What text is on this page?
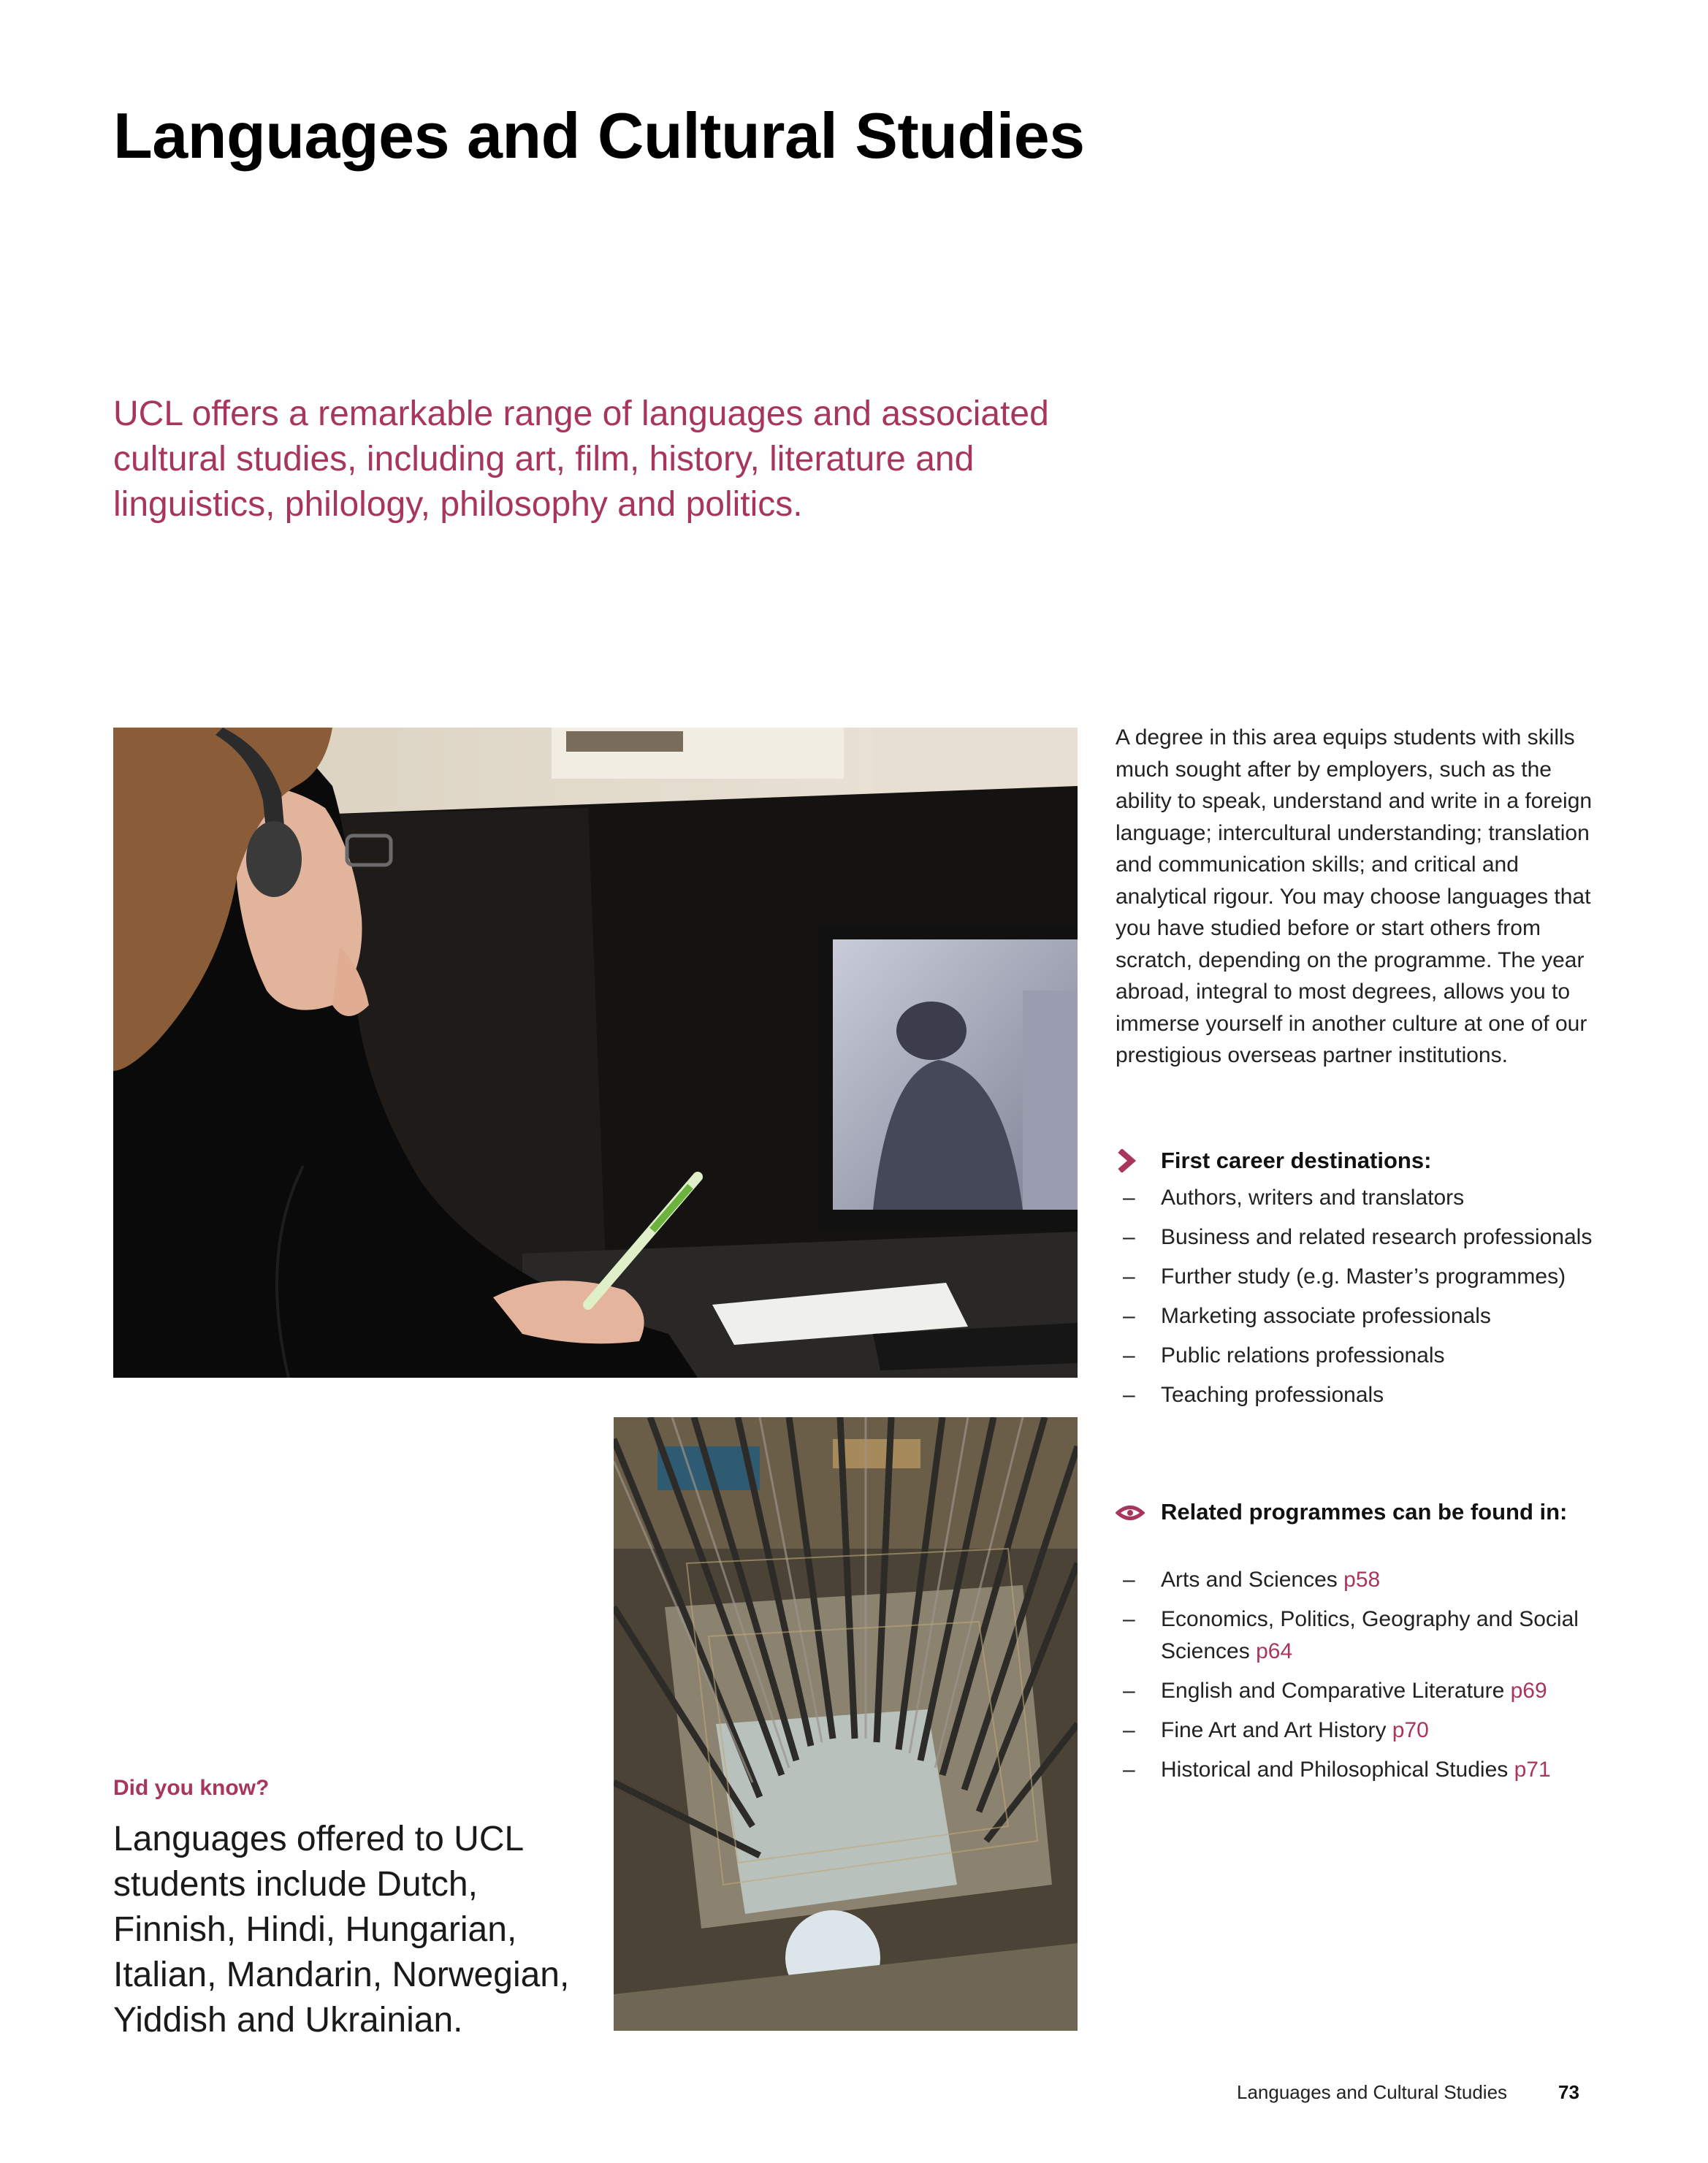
Languages and Cultural Studies

UCL offers a remarkable range of languages and associated cultural studies, including art, film, history, literature and linguistics, philology, philosophy and politics.

A degree in this area equips students with skills much sought after by employers, such as the ability to speak, understand and write in a foreign language; intercultural understanding; translation and communication skills; and critical and analytical rigour. You may choose languages that you have studied before or start others from scratch, depending on the programme. The year abroad, integral to most degrees, allows you to immerse yourself in another culture at one of our prestigious overseas partner institutions.

First career destinations:
– Authors, writers and translators
– Business and related research professionals
– Further study (e.g. Master’s programmes)
– Marketing associate professionals
– Public relations professionals
– Teaching professionals
Related programmes can be found in:
– Arts and Sciences p58
– Economics, Politics, Geography and Social Sciences p64
– English and Comparative Literature p69
– Fine Art and Art History p70
– Historical and Philosophical Studies p71

Did you know?

Languages offered to UCL students include Dutch, Finnish, Hindi, Hungarian, Italian, Mandarin, Norwegian, Yiddish and Ukrainian.

Languages and Cultural Studies	73
